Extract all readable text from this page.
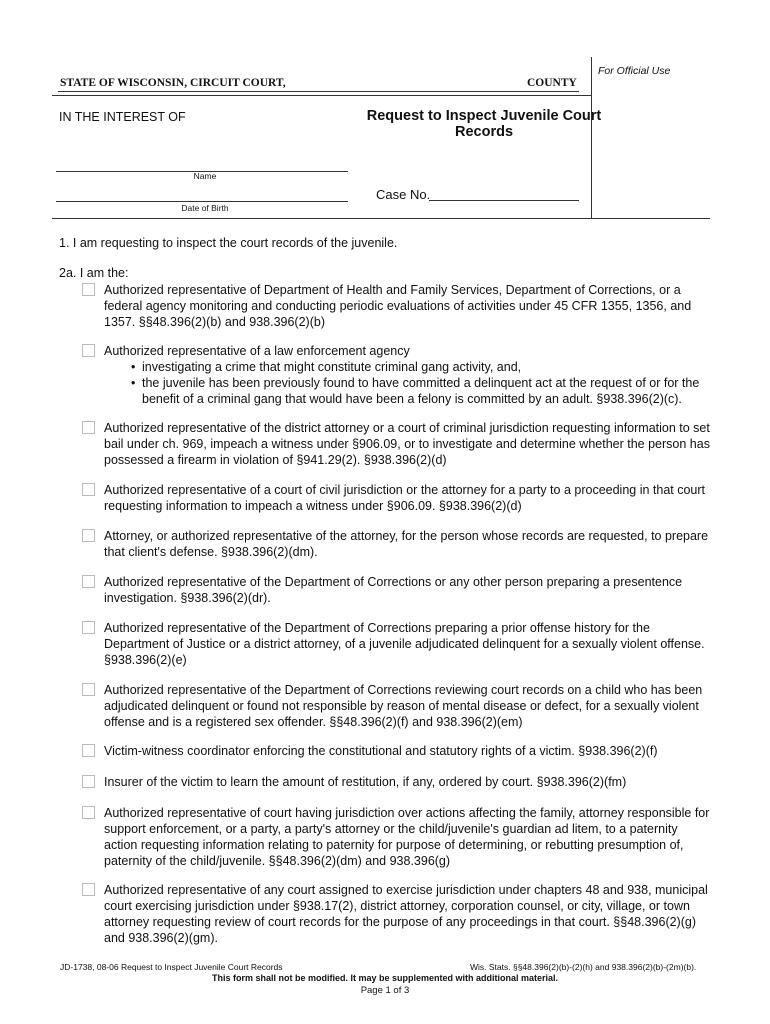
For Official Use
STATE OF WISCONSIN, CIRCUIT COURT,	COUNTY
IN THE INTEREST OF	Request to Inspect Juvenile Court Records
Name
Date of Birth
Case No.
1. I am requesting to inspect the court records of the juvenile.
2a. I am the:
Authorized representative of Department of Health and Family Services, Department of Corrections, or a federal agency monitoring and conducting periodic evaluations of activities under 45 CFR 1355, 1356, and 1357. §§48.396(2)(b) and 938.396(2)(b)
Authorized representative of a law enforcement agency
• investigating a crime that might constitute criminal gang activity, and,
• the juvenile has been previously found to have committed a delinquent act at the request of or for the benefit of a criminal gang that would have been a felony is committed by an adult. §938.396(2)(c).
Authorized representative of the district attorney or a court of criminal jurisdiction requesting information to set bail under ch. 969, impeach a witness under §906.09, or to investigate and determine whether the person has possessed a firearm in violation of §941.29(2). §938.396(2)(d)
Authorized representative of a court of civil jurisdiction or the attorney for a party to a proceeding in that court requesting information to impeach a witness under §906.09. §938.396(2)(d)
Attorney, or authorized representative of the attorney, for the person whose records are requested, to prepare that client's defense. §938.396(2)(dm).
Authorized representative of the Department of Corrections or any other person preparing a presentence investigation. §938.396(2)(dr).
Authorized representative of the Department of Corrections preparing a prior offense history for the Department of Justice or a district attorney, of a juvenile adjudicated delinquent for a sexually violent offense. §938.396(2)(e)
Authorized representative of the Department of Corrections reviewing court records on a child who has been adjudicated delinquent or found not responsible by reason of mental disease or defect, for a sexually violent offense and is a registered sex offender. §§48.396(2)(f) and 938.396(2)(em)
Victim-witness coordinator enforcing the constitutional and statutory rights of a victim. §938.396(2)(f)
Insurer of the victim to learn the amount of restitution, if any, ordered by court. §938.396(2)(fm)
Authorized representative of court having jurisdiction over actions affecting the family, attorney responsible for support enforcement, or a party, a party's attorney or the child/juvenile's guardian ad litem, to a paternity action requesting information relating to paternity for purpose of determining, or rebutting presumption of, paternity of the child/juvenile. §§48.396(2)(dm) and 938.396(g)
Authorized representative of any court assigned to exercise jurisdiction under chapters 48 and 938, municipal court exercising jurisdiction under §938.17(2), district attorney, corporation counsel, or city, village, or town attorney requesting review of court records for the purpose of any proceedings in that court. §§48.396(2)(g) and 938.396(2)(gm).
JD-1738, 08-06 Request to Inspect Juvenile Court Records	Wis. Stats. §§48.396(2)(b)-(2)(h) and 938.396(2)(b)-(2m)(b).
This form shall not be modified. It may be supplemented with additional material.
Page 1 of 3
